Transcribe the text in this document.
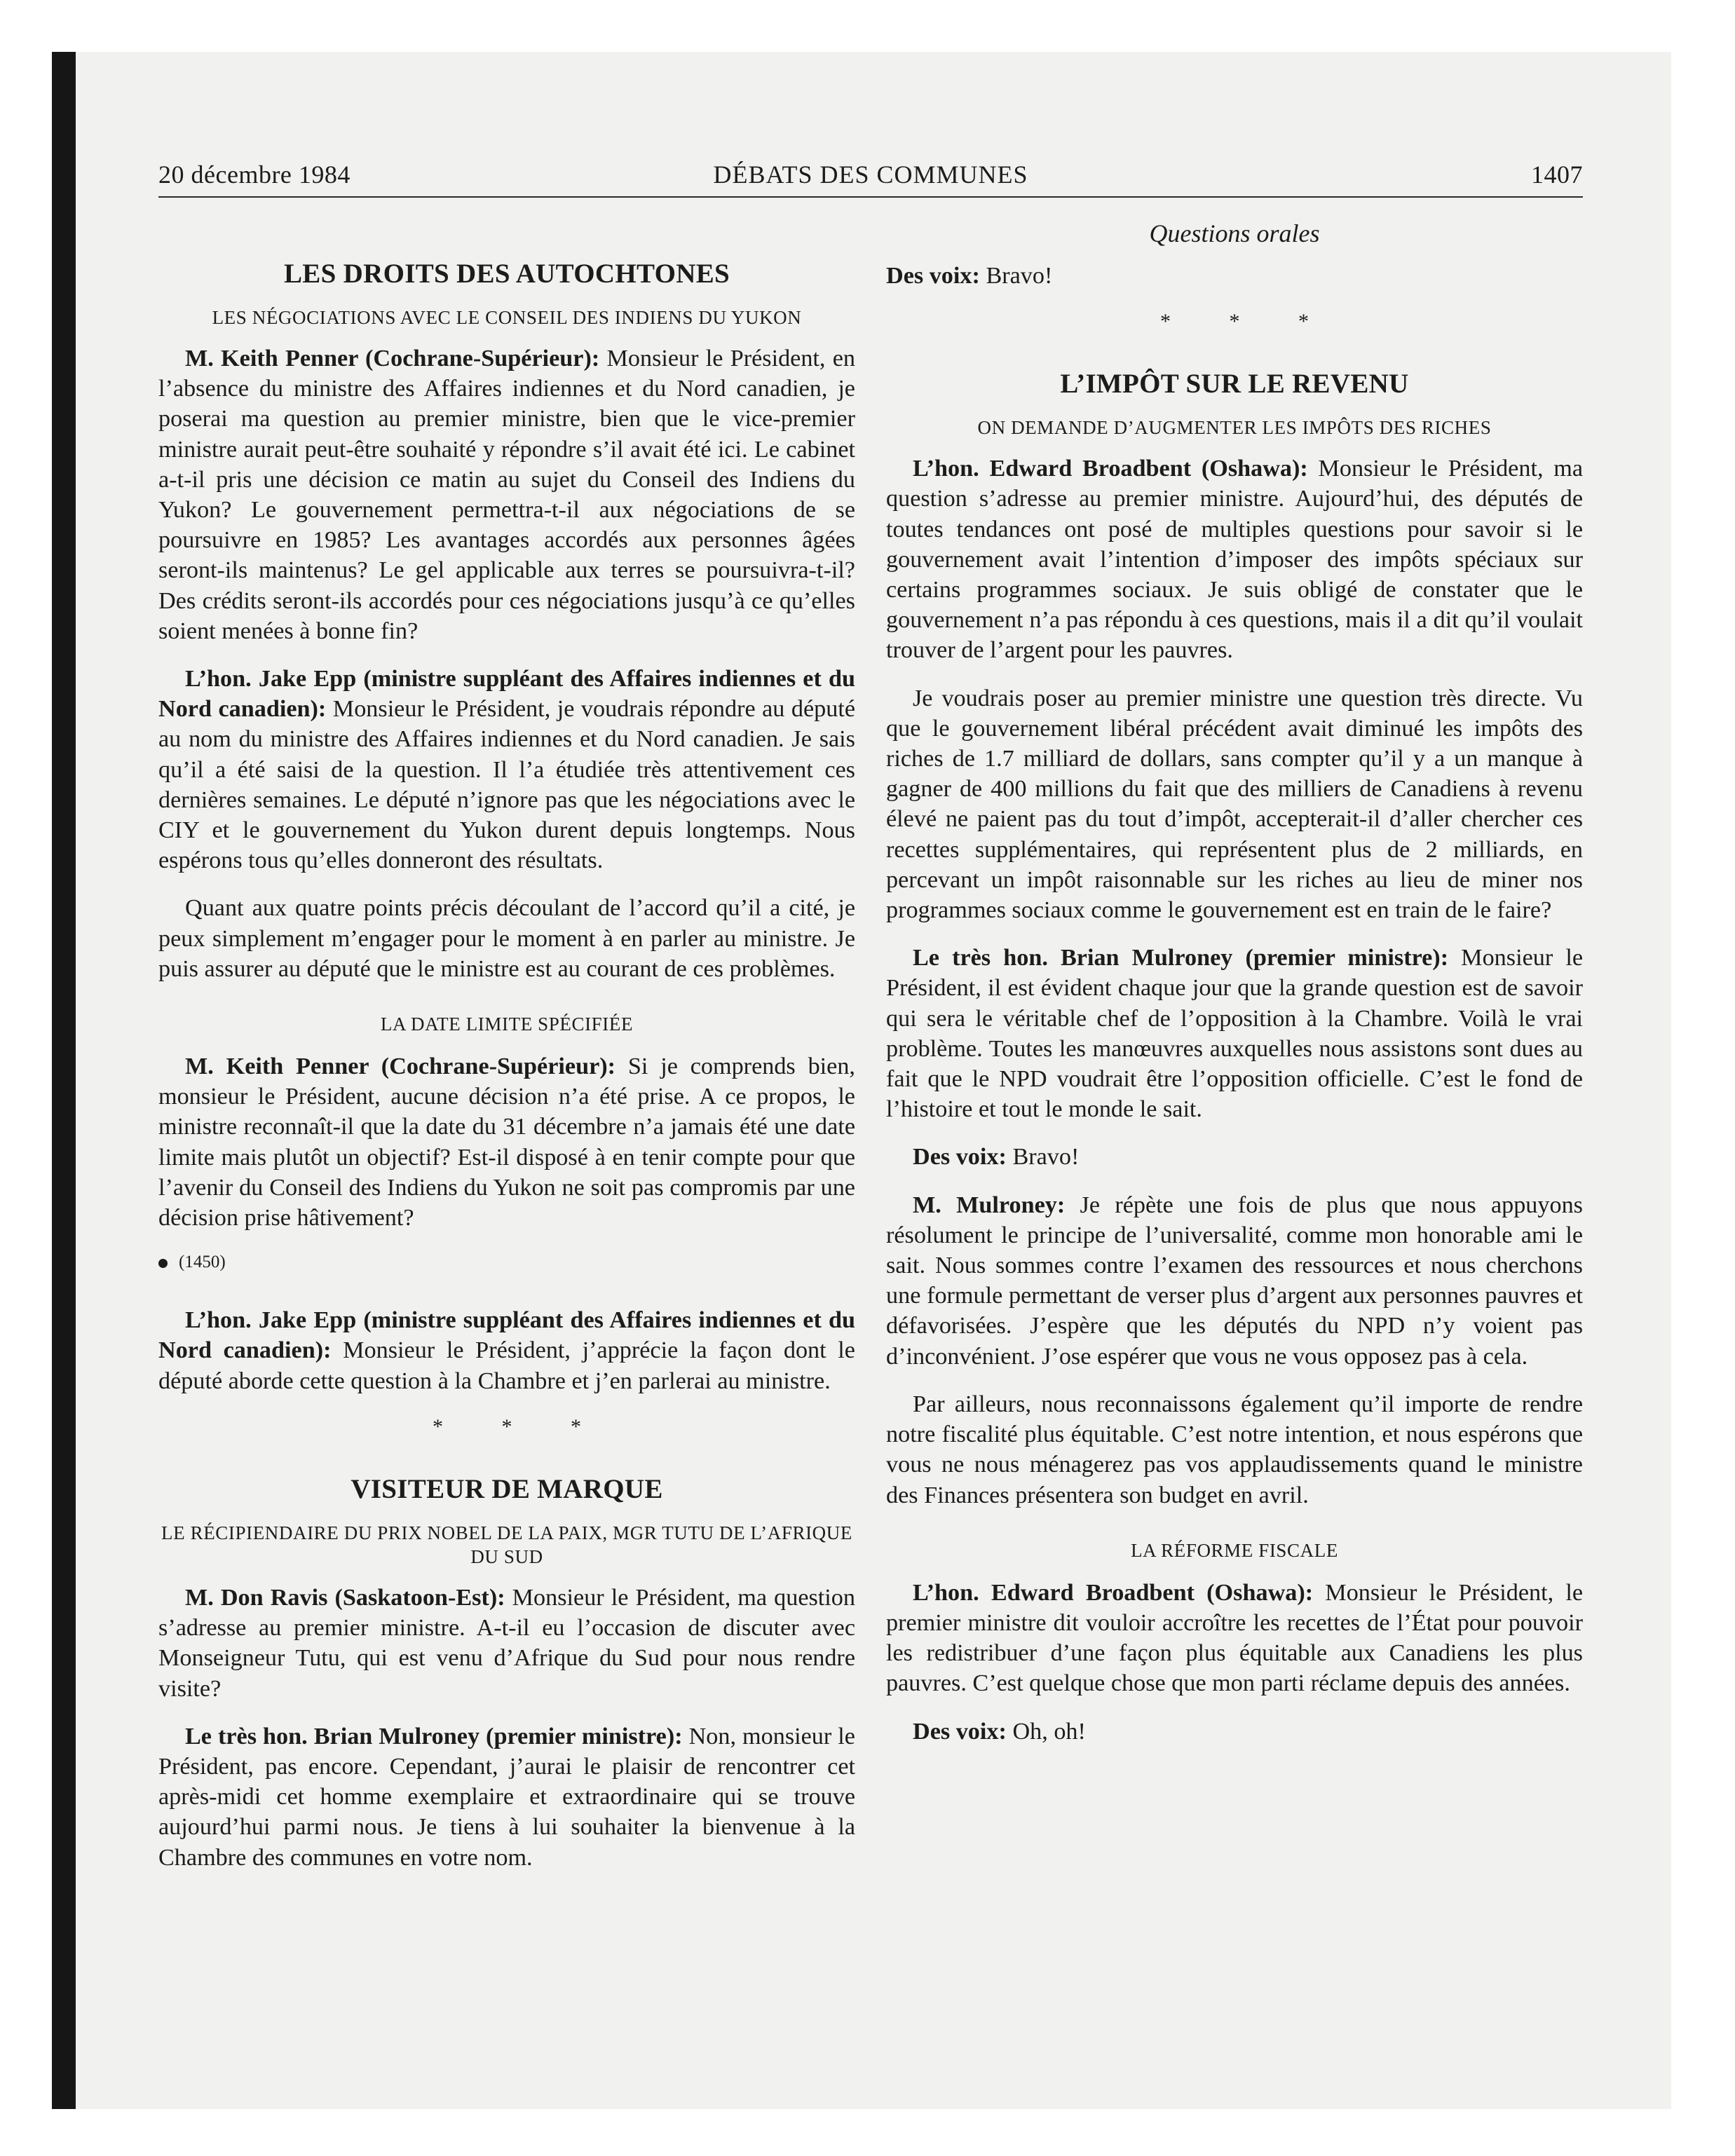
20 décembre 1984	DÉBATS DES COMMUNES	1407
Questions orales
LES DROITS DES AUTOCHTONES
LES NÉGOCIATIONS AVEC LE CONSEIL DES INDIENS DU YUKON

M. Keith Penner (Cochrane-Supérieur): Monsieur le Président, en l’absence du ministre des Affaires indiennes et du Nord canadien, je poserai ma question au premier ministre, bien que le vice-premier ministre aurait peut-être souhaité y répondre s’il avait été ici. Le cabinet a-t-il pris une décision ce matin au sujet du Conseil des Indiens du Yukon? Le gouvernement permettra-t-il aux négociations de se poursuivre en 1985? Les avantages accordés aux personnes âgées seront-ils maintenus? Le gel applicable aux terres se poursuivra-t-il? Des crédits seront-ils accordés pour ces négociations jusqu’à ce qu’elles soient menées à bonne fin?

L’hon. Jake Epp (ministre suppléant des Affaires indiennes et du Nord canadien): Monsieur le Président, je voudrais répondre au député au nom du ministre des Affaires indiennes et du Nord canadien. Je sais qu’il a été saisi de la question. Il l’a étudiée très attentivement ces dernières semaines. Le député n’ignore pas que les négociations avec le CIY et le gouvernement du Yukon durent depuis longtemps. Nous espérons tous qu’elles donneront des résultats.

Quant aux quatre points précis découlant de l’accord qu’il a cité, je peux simplement m’engager pour le moment à en parler au ministre. Je puis assurer au député que le ministre est au courant de ces problèmes.

LA DATE LIMITE SPÉCIFIÉE

M. Keith Penner (Cochrane-Supérieur): Si je comprends bien, monsieur le Président, aucune décision n’a été prise. A ce propos, le ministre reconnaît-il que la date du 31 décembre n’a jamais été une date limite mais plutôt un objectif? Est-il disposé à en tenir compte pour que l’avenir du Conseil des Indiens du Yukon ne soit pas compromis par une décision prise hâtivement?

(1450)

L’hon. Jake Epp (ministre suppléant des Affaires indiennes et du Nord canadien): Monsieur le Président, j’apprécie la façon dont le député aborde cette question à la Chambre et j’en parlerai au ministre.

* * *
VISITEUR DE MARQUE
LE RÉCIPIENDAIRE DU PRIX NOBEL DE LA PAIX, MGR TUTU DE L’AFRIQUE DU SUD

M. Don Ravis (Saskatoon-Est): Monsieur le Président, ma question s’adresse au premier ministre. A-t-il eu l’occasion de discuter avec Monseigneur Tutu, qui est venu d’Afrique du Sud pour nous rendre visite?

Le très hon. Brian Mulroney (premier ministre): Non, monsieur le Président, pas encore. Cependant, j’aurai le plaisir de rencontrer cet après-midi cet homme exemplaire et extraordinaire qui se trouve aujourd’hui parmi nous. Je tiens à lui souhaiter la bienvenue à la Chambre des communes en votre nom.

Des voix: Bravo!

* * *
L’IMPÔT SUR LE REVENU
ON DEMANDE D’AUGMENTER LES IMPÔTS DES RICHES

L’hon. Edward Broadbent (Oshawa): Monsieur le Président, ma question s’adresse au premier ministre. Aujourd’hui, des députés de toutes tendances ont posé de multiples questions pour savoir si le gouvernement avait l’intention d’imposer des impôts spéciaux sur certains programmes sociaux. Je suis obligé de constater que le gouvernement n’a pas répondu à ces questions, mais il a dit qu’il voulait trouver de l’argent pour les pauvres.

Je voudrais poser au premier ministre une question très directe. Vu que le gouvernement libéral précédent avait diminué les impôts des riches de 1.7 milliard de dollars, sans compter qu’il y a un manque à gagner de 400 millions du fait que des milliers de Canadiens à revenu élevé ne paient pas du tout d’impôt, accepterait-il d’aller chercher ces recettes supplémentaires, qui représentent plus de 2 milliards, en percevant un impôt raisonnable sur les riches au lieu de miner nos programmes sociaux comme le gouvernement est en train de le faire?

Le très hon. Brian Mulroney (premier ministre): Monsieur le Président, il est évident chaque jour que la grande question est de savoir qui sera le véritable chef de l’opposition à la Chambre. Voilà le vrai problème. Toutes les manœuvres auxquelles nous assistons sont dues au fait que le NPD voudrait être l’opposition officielle. C’est le fond de l’histoire et tout le monde le sait.

Des voix: Bravo!

M. Mulroney: Je répète une fois de plus que nous appuyons résolument le principe de l’universalité, comme mon honorable ami le sait. Nous sommes contre l’examen des ressources et nous cherchons une formule permettant de verser plus d’argent aux personnes pauvres et défavorisées. J’espère que les députés du NPD n’y voient pas d’inconvénient. J’ose espérer que vous ne vous opposez pas à cela.

Par ailleurs, nous reconnaissons également qu’il importe de rendre notre fiscalité plus équitable. C’est notre intention, et nous espérons que vous ne nous ménagerez pas vos applaudissements quand le ministre des Finances présentera son budget en avril.

LA RÉFORME FISCALE

L’hon. Edward Broadbent (Oshawa): Monsieur le Président, le premier ministre dit vouloir accroître les recettes de l’État pour pouvoir les redistribuer d’une façon plus équitable aux Canadiens les plus pauvres. C’est quelque chose que mon parti réclame depuis des années.

Des voix: Oh, oh!
